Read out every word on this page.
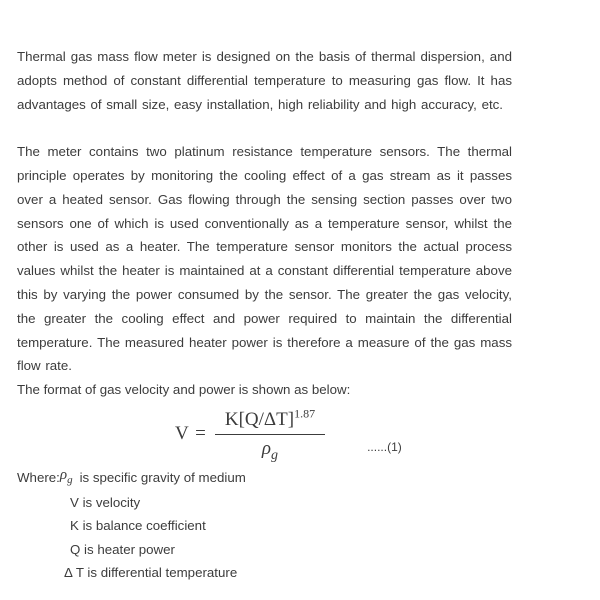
Thermal gas mass flow meter is designed on the basis of thermal dispersion, and adopts method of constant differential temperature to measuring gas flow. It has advantages of small size, easy installation, high reliability and high accuracy, etc.

The meter contains two platinum resistance temperature sensors. The thermal principle operates by monitoring the cooling effect of a gas stream as it passes over a heated sensor. Gas flowing through the sensing section passes over two sensors one of which is used conventionally as a temperature sensor, whilst the other is used as a heater. The temperature sensor monitors the actual process values whilst the heater is maintained at a constant differential temperature above this by varying the power consumed by the sensor. The greater the gas velocity, the greater the cooling effect and power required to maintain the differential temperature. The measured heater power is therefore a measure of the gas mass flow rate.

The format of gas velocity and power is shown as below:

$V = \frac{K[Q/\Delta T]^{1.87}}{\rho_g}$	......(1)
$Where:\rho_g$ is specific gravity of medium
V is velocity
K is balance coefficient
Q is heater power
Δ T is differential temperature
